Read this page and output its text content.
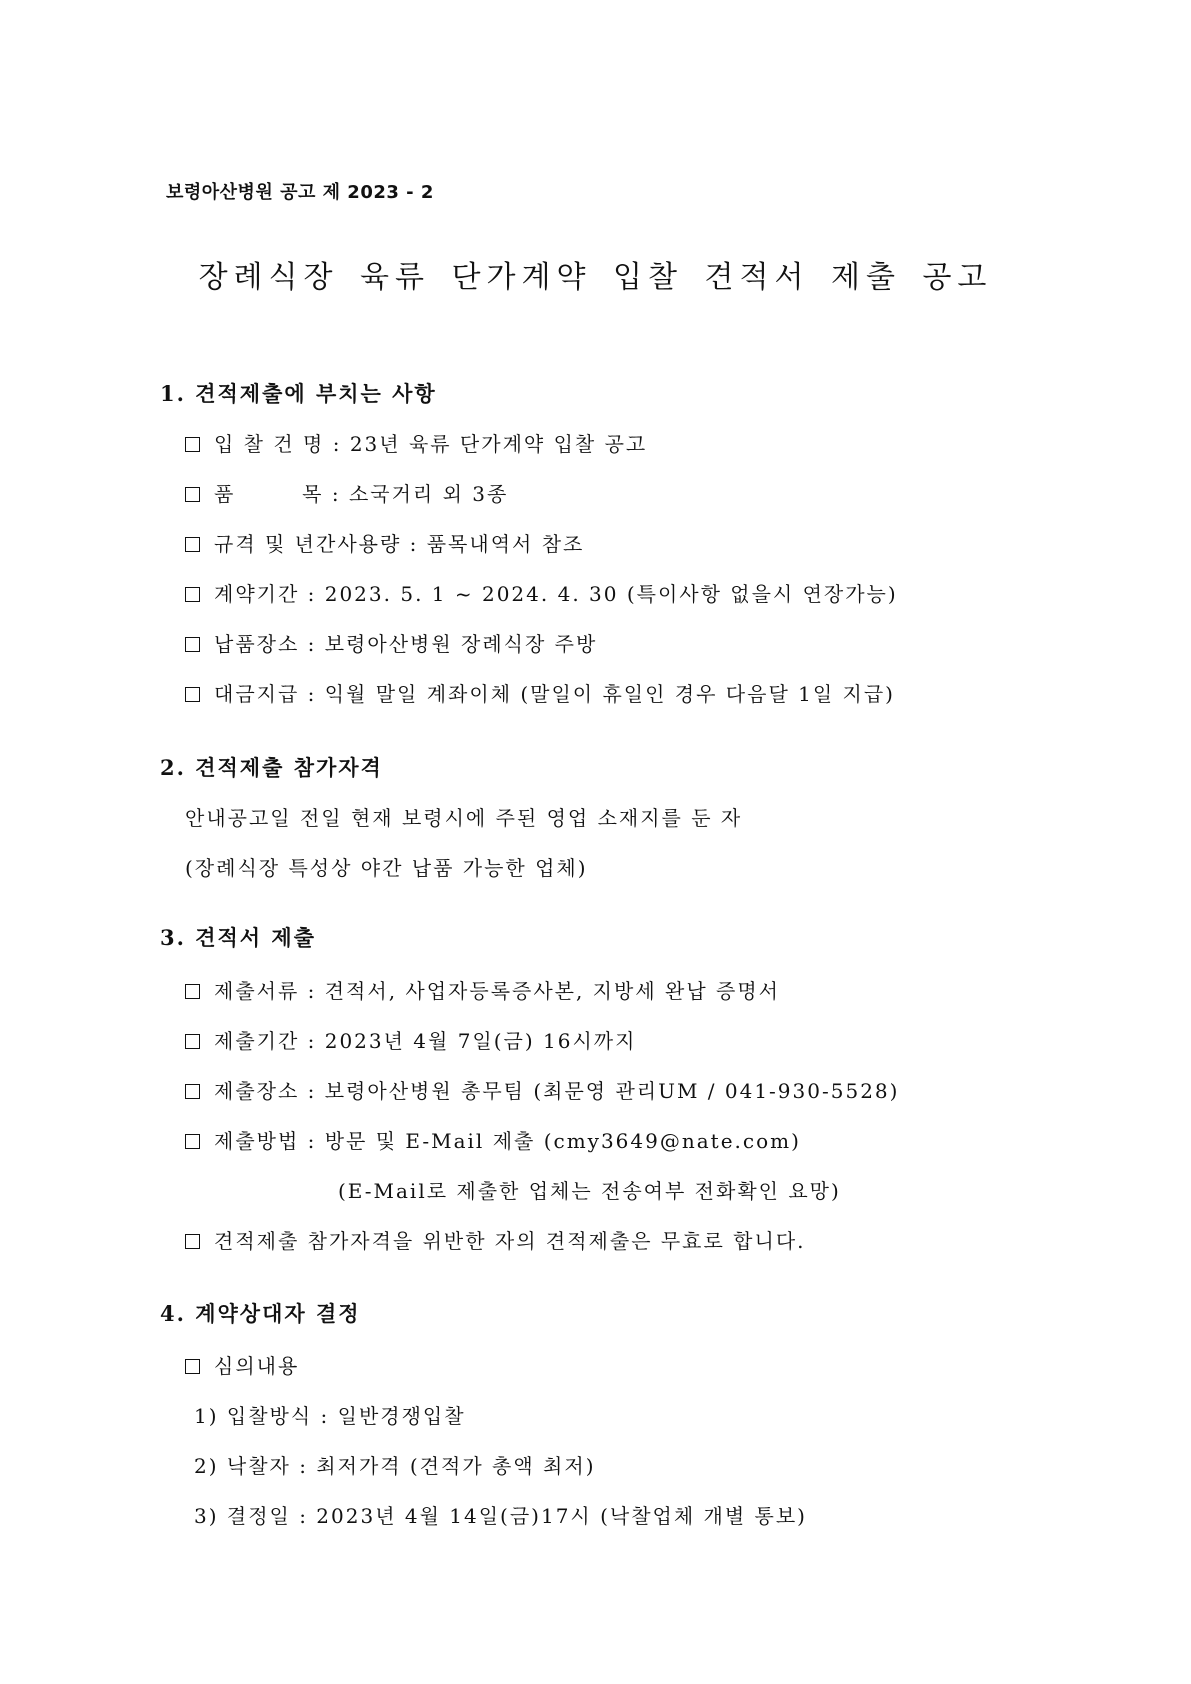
보령아산병원 공고 제 2023 - 2
장례식장 육류 단가계약 입찰 견적서 제출 공고
1. 견적제출에 부치는 사항
입 찰 건 명 : 23년 육류 단가계약 입찰 공고
품        목 : 소국거리 외 3종
규격 및 년간사용량 : 품목내역서 참조
계약기간 : 2023. 5. 1 ~ 2024. 4. 30 (특이사항 없을시 연장가능)
납품장소 : 보령아산병원 장례식장 주방
대금지급 : 익월 말일 계좌이체 (말일이 휴일인 경우 다음달 1일 지급)
2. 견적제출 참가자격
안내공고일 전일 현재 보령시에 주된 영업 소재지를 둔 자
(장례식장 특성상 야간 납품 가능한 업체)
3. 견적서 제출
제출서류 : 견적서, 사업자등록증사본, 지방세 완납 증명서
제출기간 : 2023년 4월 7일(금) 16시까지
제출장소 : 보령아산병원 총무팀 (최문영 관리UM / 041-930-5528)
제출방법 : 방문 및 E-Mail 제출 (cmy3649@nate.com)
(E-Mail로 제출한 업체는 전송여부 전화확인 요망)
견적제출 참가자격을 위반한 자의 견적제출은 무효로 합니다.
4. 계약상대자 결정
심의내용
1) 입찰방식 : 일반경쟁입찰
2) 낙찰자 : 최저가격 (견적가 총액 최저)
3) 결정일 : 2023년 4월 14일(금)17시 (낙찰업체 개별 통보)
